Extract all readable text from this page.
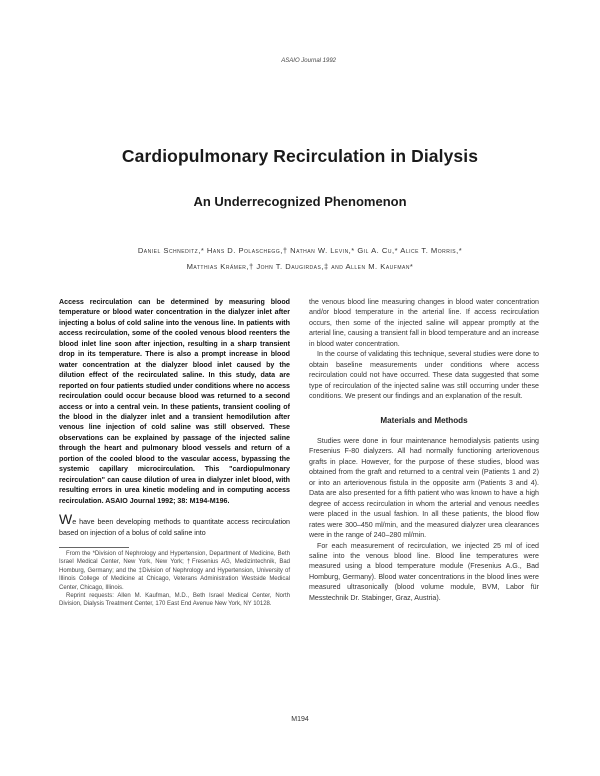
ASAIO Journal 1992
Cardiopulmonary Recirculation in Dialysis
An Underrecognized Phenomenon
Daniel Schneditz,* Hans D. Polaschegg,† Nathan W. Levin,* Gil A. Cu,* Alice T. Morris,*
Matthias Krämer,† John T. Daugirdas,‡ and Allen M. Kaufman*

Access recirculation can be determined by measuring blood temperature or blood water concentration in the dialyzer inlet after injecting a bolus of cold saline into the venous line. In patients with access recirculation, some of the cooled venous blood reenters the blood inlet line soon after injection, resulting in a sharp transient drop in its temperature. There is also a prompt increase in blood water concentration at the dialyzer blood inlet caused by the dilution effect of the recirculated saline. In this study, data are reported on four patients studied under conditions where no access recirculation could occur because blood was returned to a second access or into a central vein. In these patients, transient cooling of the blood in the dialyzer inlet and a transient hemodilution after venous line injection of cold saline was still observed. These observations can be explained by passage of the injected saline through the heart and pulmonary blood vessels and return of a portion of the cooled blood to the vascular access, bypassing the systemic capillary microcirculation. This "cardiopulmonary recirculation" can cause dilution of urea in dialyzer inlet blood, with resulting errors in urea kinetic modeling and in computing access recirculation. ASAIO Journal 1992; 38: M194-M196.

We have been developing methods to quantitate access recirculation based on injection of a bolus of cold saline into

From the *Division of Nephrology and Hypertension, Department of Medicine, Beth Israel Medical Center, New York, New York; †Fresenius AG, Medizintechnik, Bad Homburg, Germany; and the ‡Division of Nephrology and Hypertension, University of Illinois College of Medicine at Chicago, Veterans Administration Westside Medical Center, Chicago, Illinois.

Reprint requests: Allen M. Kaufman, M.D., Beth Israel Medical Center, North Division, Dialysis Treatment Center, 170 East End Avenue New York, NY 10128.

the venous blood line measuring changes in blood water concentration and/or blood temperature in the arterial line. If access recirculation occurs, then some of the injected saline will appear promptly at the arterial line, causing a transient fall in blood temperature and an increase in blood water concentration.

In the course of validating this technique, several studies were done to obtain baseline measurements under conditions where access recirculation could not have occurred. These data suggested that some type of recirculation of the injected saline was still occurring under these conditions. We present our findings and an explanation of the result.

Materials and Methods

Studies were done in four maintenance hemodialysis patients using Fresenius F-80 dialyzers. All had normally functioning arteriovenous grafts in place. However, for the purpose of these studies, blood was obtained from the graft and returned to a central vein (Patients 1 and 2) or into an arteriovenous fistula in the opposite arm (Patients 3 and 4). Data are also presented for a fifth patient who was known to have a high degree of access recirculation in whom the arterial and venous needles were placed in the usual fashion. In all these patients, the blood flow rates were 300–450 ml/min, and the measured dialyzer urea clearances were in the range of 240–280 ml/min.

For each measurement of recirculation, we injected 25 ml of iced saline into the venous blood line. Blood line temperatures were measured using a blood temperature module (Fresenius A.G., Bad Homburg, Germany). Blood water concentrations in the blood lines were measured ultrasonically (blood volume module, BVM, Labor für Messtechnik Dr. Stabinger, Graz, Austria).

M194
